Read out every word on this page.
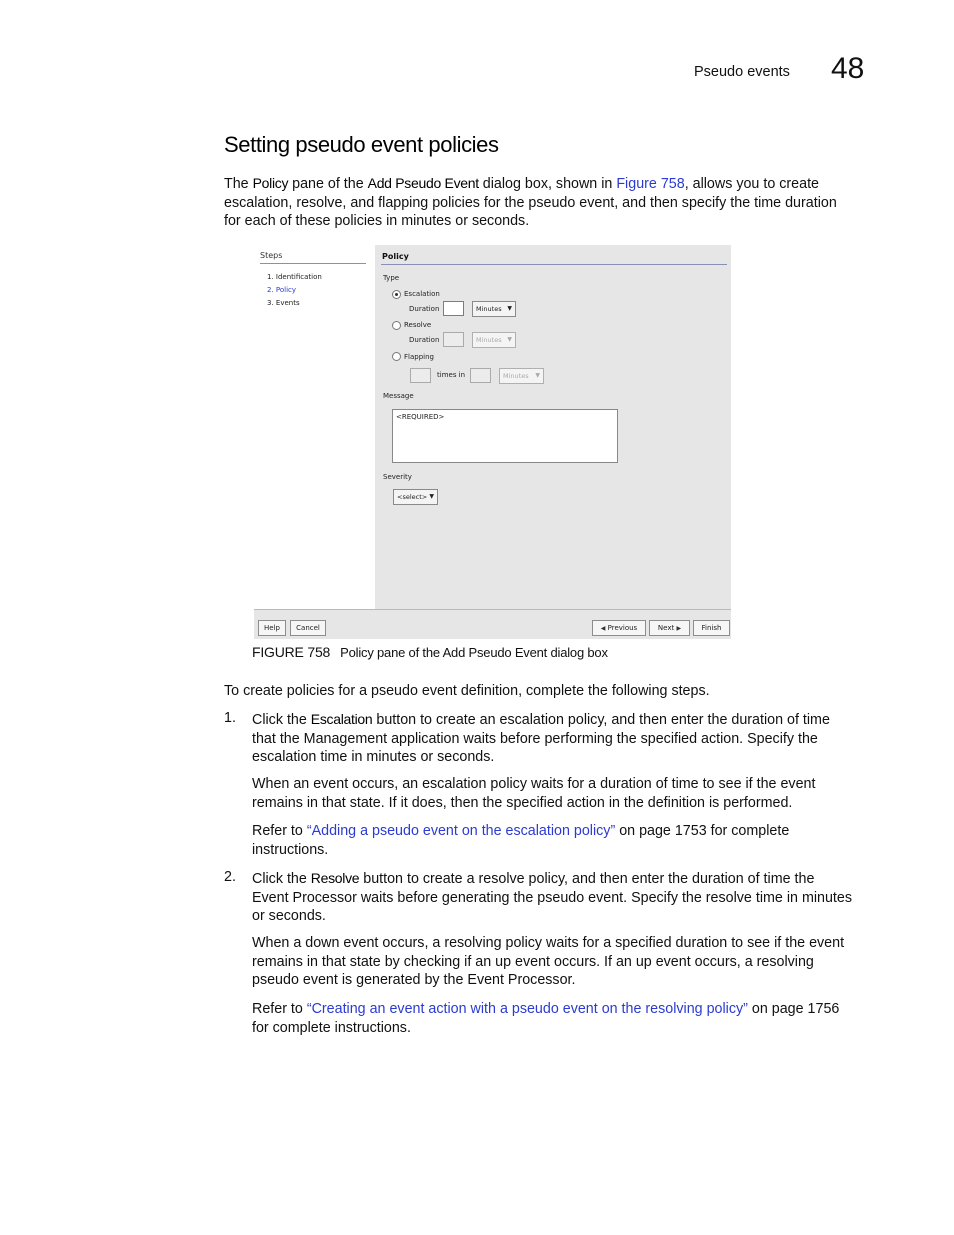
Pseudo events 48
Setting pseudo event policies
The Policy pane of the Add Pseudo Event dialog box, shown in Figure 758, allows you to create
escalation, resolve, and flapping policies for the pseudo event, and then specify the time duration
for each of these policies in minutes or seconds.
Steps
1. Identification
2. Policy
3. Events
Policy
Type
Escalation
Duration	Minutes ▼
Resolve
Duration	Minutes ▼
Flapping
times in	Minutes ▼
Message
<REQUIRED>
Severity
<select> ▼
Help	Cancel	◀ Previous	Next ▶	Finish
FIGURE 758 Policy pane of the Add Pseudo Event dialog box
To create policies for a pseudo event definition, complete the following steps.
1. Click the Escalation button to create an escalation policy, and then enter the duration of time
that the Management application waits before performing the specified action. Specify the
escalation time in minutes or seconds.
When an event occurs, an escalation policy waits for a duration of time to see if the event
remains in that state. If it does, then the specified action in the definition is performed.
Refer to “Adding a pseudo event on the escalation policy” on page 1753 for complete
instructions.
2. Click the Resolve button to create a resolve policy, and then enter the duration of time the
Event Processor waits before generating the pseudo event. Specify the resolve time in minutes
or seconds.
When a down event occurs, a resolving policy waits for a specified duration to see if the event
remains in that state by checking if an up event occurs. If an up event occurs, a resolving
pseudo event is generated by the Event Processor.
Refer to “Creating an event action with a pseudo event on the resolving policy” on page 1756
for complete instructions.
